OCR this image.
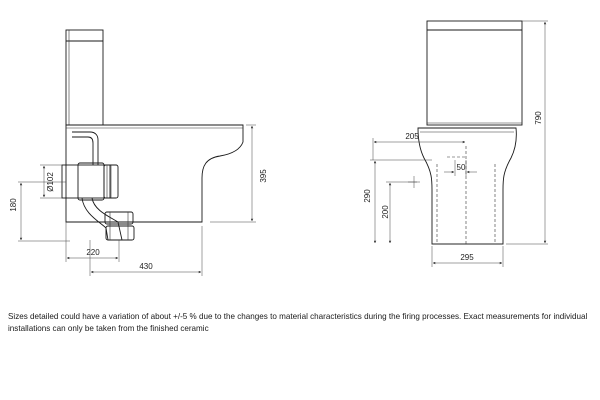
395
180
Ø102
220
430
790
205
50
290
200
295
Sizes detailed could have a variation of about +/-5 % due to the changes to material characteristics during the firing processes. Exact measurements for individual installations can only be taken from the finished ceramic
